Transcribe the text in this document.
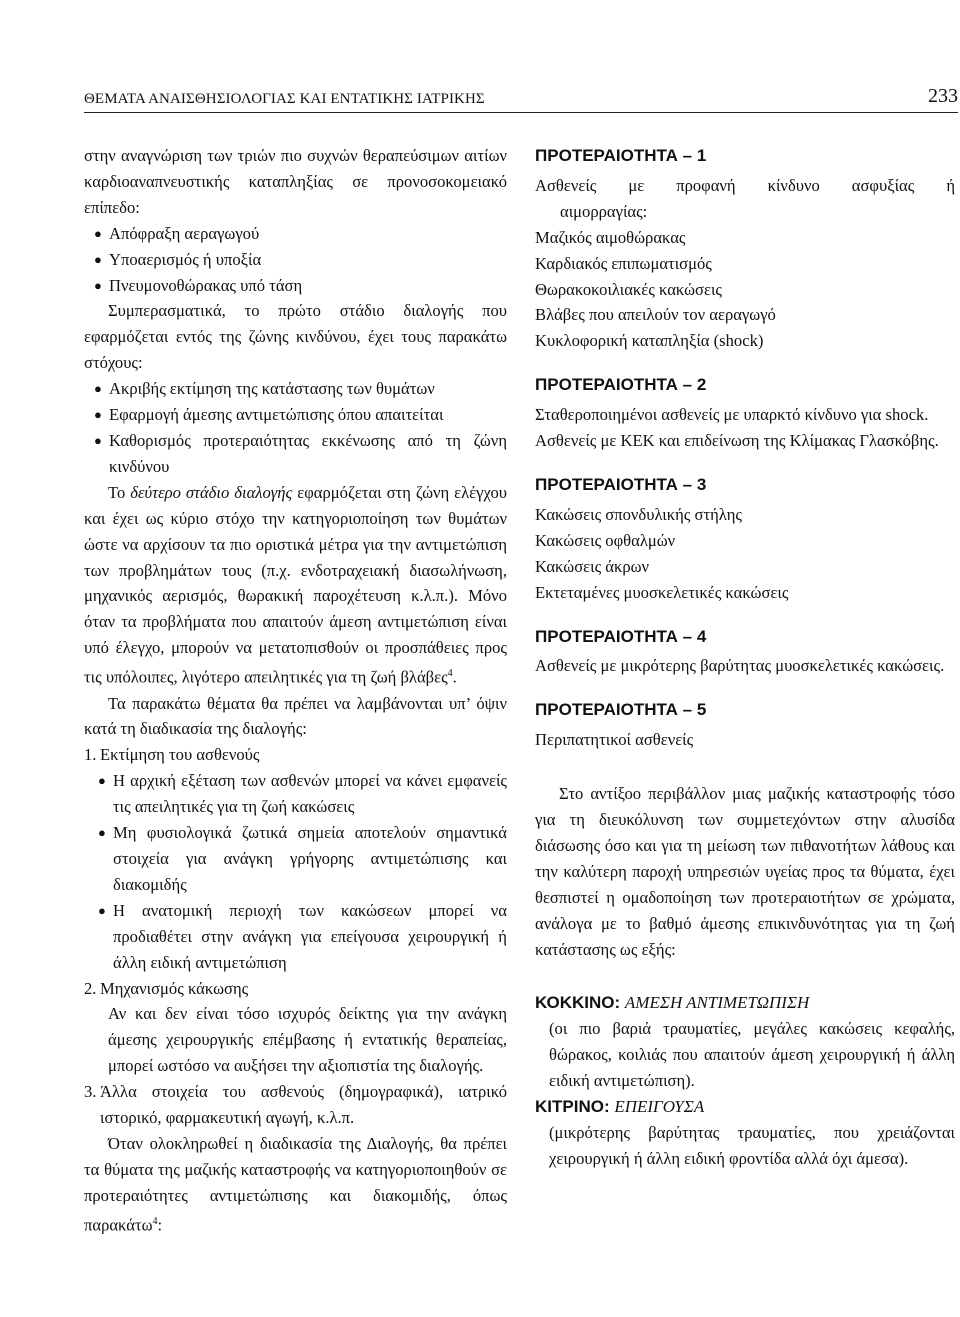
ΘΕΜΑΤΑ ΑΝΑΙΣΘΗΣΙΟΛΟΓΙΑΣ ΚΑΙ ΕΝΤΑΤΙΚΗΣ ΙΑΤΡΙΚΗΣ	233

στην αναγνώριση των τριών πιο συχνών θεραπεύσιμων αιτίων καρδιοαναπνευστικής καταπληξίας σε προνοσοκομειακό επίπεδο:

● Απόφραξη αεραγωγού
● Υποαερισμός ή υποξία
● Πνευμονοθώρακας υπό τάση

Συμπερασματικά, το πρώτο στάδιο διαλογής που εφαρμόζεται εντός της ζώνης κινδύνου, έχει τους παρακάτω στόχους:

● Ακριβής εκτίμηση της κατάστασης των θυμάτων
● Εφαρμογή άμεσης αντιμετώπισης όπου απαιτείται
● Καθορισμός προτεραιότητας εκκένωσης από τη ζώνη κινδύνου

Το δεύτερο στάδιο διαλογής εφαρμόζεται στη ζώνη ελέγχου και έχει ως κύριο στόχο την κατηγοριοποίηση των θυμάτων ώστε να αρχίσουν τα πιο οριστικά μέτρα για την αντιμετώπιση των προβλημάτων τους (π.χ. ενδοτραχειακή διασωλήνωση, μηχανικός αερισμός, θωρακική παροχέτευση κ.λ.π.). Μόνο όταν τα προβλήματα που απαιτούν άμεση αντιμετώπιση είναι υπό έλεγχο, μπορούν να μετατοπισθούν οι προσπάθειες προς τις υπόλοιπες, λιγότερο απειλητικές για τη ζωή βλάβες$^4$.

Τα παρακάτω θέματα θα πρέπει να λαμβάνονται υπ’ όψιν κατά τη διαδικασία της διαλογής:

1. Εκτίμηση του ασθενούς
● Η αρχική εξέταση των ασθενών μπορεί να κάνει εμφανείς τις απειλητικές για τη ζωή κακώσεις
● Μη φυσιολογικά ζωτικά σημεία αποτελούν σημαντικά στοιχεία για ανάγκη γρήγορης αντιμετώπισης και διακομιδής
● Η ανατομική περιοχή των κακώσεων μπορεί να προδιαθέτει στην ανάγκη για επείγουσα χειρουργική ή άλλη ειδική αντιμετώπιση
2. Μηχανισμός κάκωσης

Αν και δεν είναι τόσο ισχυρός δείκτης για την ανάγκη άμεσης χειρουργικής επέμβασης ή εντατικής θεραπείας, μπορεί ωστόσο να αυξήσει την αξιοπιστία της διαλογής.

3. Άλλα στοιχεία του ασθενούς (δημογραφικά), ιατρικό ιστορικό, φαρμακευτική αγωγή, κ.λ.π.

Όταν ολοκληρωθεί η διαδικασία της Διαλογής, θα πρέπει τα θύματα της μαζικής καταστροφής να κατηγοριοποιηθούν σε προτεραιότητες αντιμετώπισης και διακομιδής, όπως παρακάτω$^4$:

ΠΡΟΤΕΡΑΙΟΤΗΤΑ – 1

Ασθενείς με προφανή κίνδυνο ασφυξίας ή

αιμορραγίας:

Μαζικός αιμοθώρακας

Καρδιακός επιπωματισμός

Θωρακοκοιλιακές κακώσεις

Βλάβες που απειλούν τον αεραγωγό

Κυκλοφορική καταπληξία (shock)

ΠΡΟΤΕΡΑΙΟΤΗΤΑ – 2

Σταθεροποιημένοι ασθενείς με υπαρκτό κίνδυνο για shock.

Ασθενείς με ΚΕΚ και επιδείνωση της Κλίμακας Γλασκόβης.

ΠΡΟΤΕΡΑΙΟΤΗΤΑ – 3

Κακώσεις σπονδυλικής στήλης

Κακώσεις οφθαλμών

Κακώσεις άκρων

Εκτεταμένες μυοσκελετικές κακώσεις

ΠΡΟΤΕΡΑΙΟΤΗΤΑ – 4

Ασθενείς με μικρότερης βαρύτητας μυοσκελετικές κακώσεις.

ΠΡΟΤΕΡΑΙΟΤΗΤΑ – 5

Περιπατητικοί ασθενείς

Στο αντίξοο περιβάλλον μιας μαζικής καταστροφής τόσο για τη διευκόλυνση των συμμετεχόντων στην αλυσίδα διάσωσης όσο και για τη μείωση των πιθανοτήτων λάθους και την καλύτερη παροχή υπηρεσιών υγείας προς τα θύματα, έχει θεσπιστεί η ομαδοποίηση των προτεραιοτήτων σε χρώματα, ανάλογα με το βαθμό άμεσης επικινδυνότητας για τη ζωή κατάστασης ως εξής:

ΚΟΚΚΙΝΟ: ΑΜΕΣΗ ΑΝΤΙΜΕΤΩΠΙΣΗ

(οι πιο βαριά τραυματίες, μεγάλες κακώσεις κεφαλής, θώρακος, κοιλιάς που απαιτούν άμεση χειρουργική ή άλλη ειδική αντιμετώπιση).

ΚΙΤΡΙΝΟ: ΕΠΕΙΓΟΥΣΑ

(μικρότερης βαρύτητας τραυματίες, που χρειάζονται χειρουργική ή άλλη ειδική φροντίδα αλλά όχι άμεσα).
